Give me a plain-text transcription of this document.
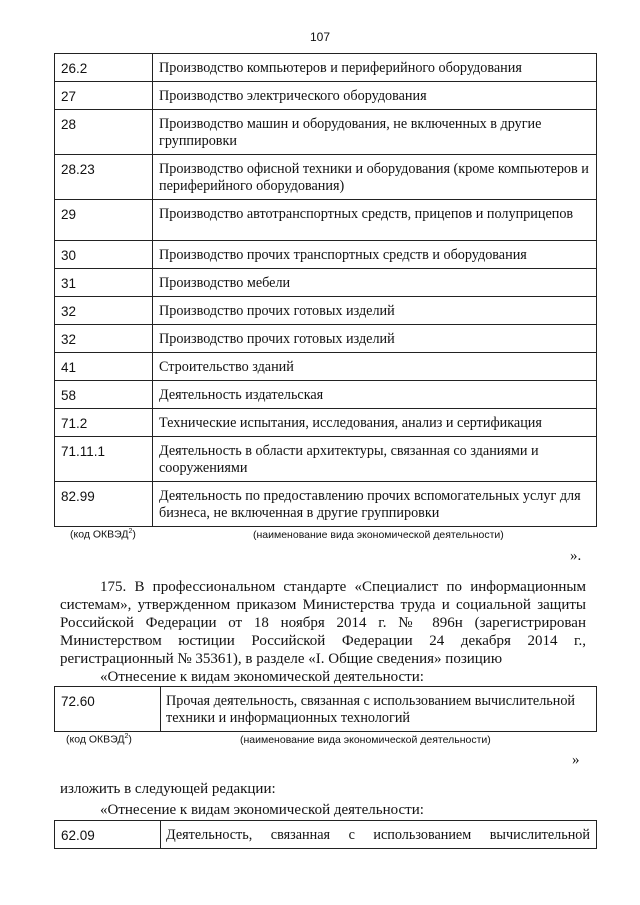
107
26.2	Производство компьютеров и периферийного оборудования
27	Производство электрического оборудования
28	Производство машин и оборудования, не включенных в другие группировки
28.23	Производство офисной техники и оборудования (кроме компьютеров и периферийного оборудования)
29	Производство автотранспортных средств, прицепов и полуприцепов
30	Производство прочих транспортных средств и оборудования
31	Производство мебели
32	Производство прочих готовых изделий
32	Производство прочих готовых изделий
41	Строительство зданий
58	Деятельность издательская
71.2	Технические испытания, исследования, анализ и сертификация
71.11.1	Деятельность в области архитектуры, связанная со зданиями и сооружениями
82.99	Деятельность по предоставлению прочих вспомогательных услуг для бизнеса, не включенная в другие группировки
(код ОКВЭД$^2$)	(наименование вида экономической деятельности)
».
175. В профессиональном стандарте «Специалист по информационным системам», утвержденном приказом Министерства труда и социальной защиты Российской Федерации от 18 ноября 2014 г. № 896н (зарегистрирован Министерством юстиции Российской Федерации 24 декабря 2014 г., регистрационный № 35361), в разделе «I. Общие сведения» позицию
«Отнесение к видам экономической деятельности:
72.60	Прочая деятельность, связанная с использованием вычислительной техники и информационных технологий
(код ОКВЭД$^2$)	(наименование вида экономической деятельности)
»
изложить в следующей редакции:
«Отнесение к видам экономической деятельности:
62.09	Деятельность, связанная с использованием вычислительной
